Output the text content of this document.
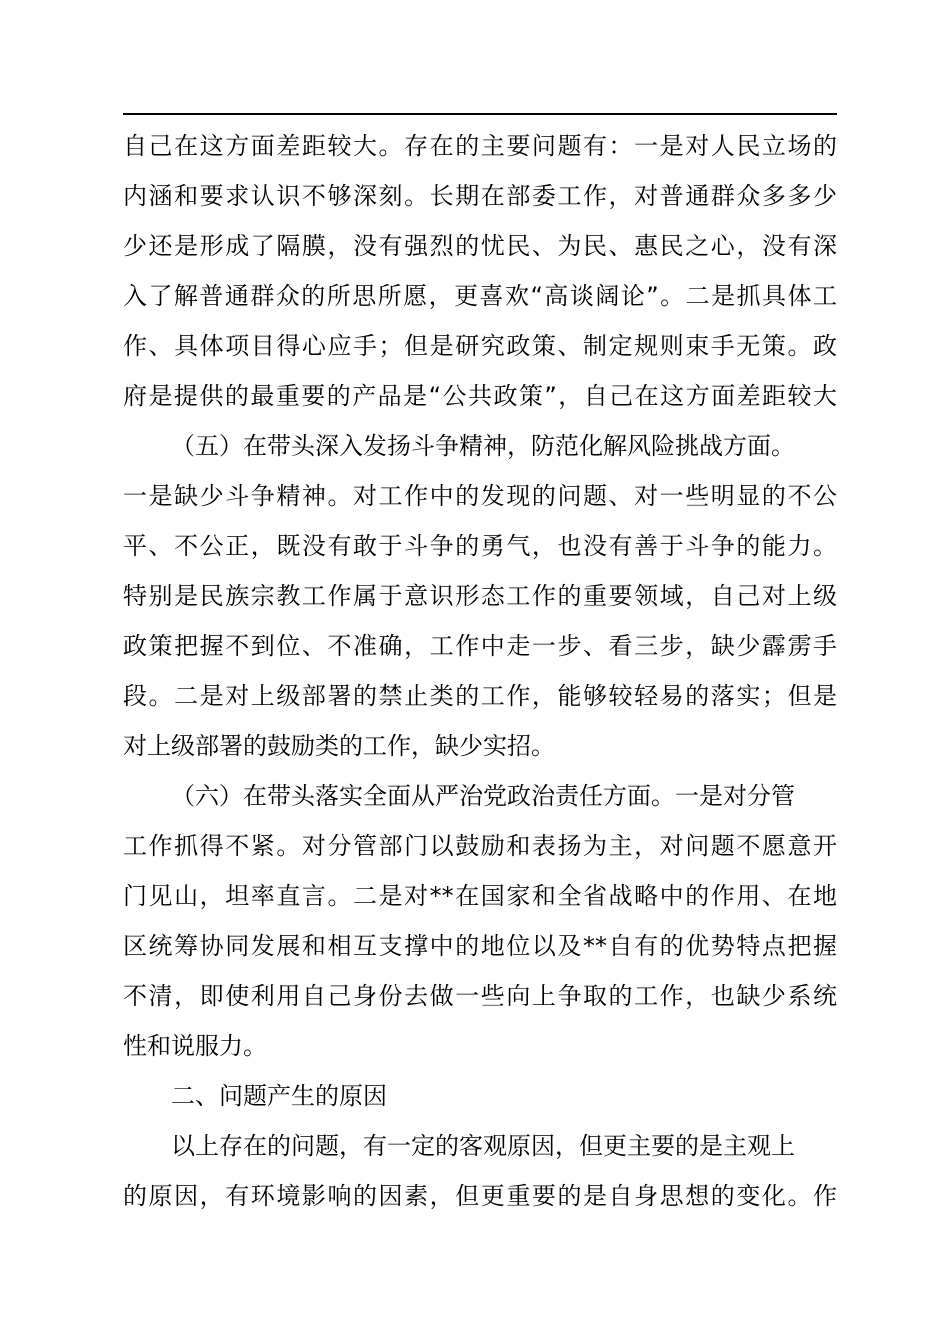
自己在这方面差距较大。存在的主要问题有：一是对人民立场的
内涵和要求认识不够深刻。长期在部委工作，对普通群众多多少
少还是形成了隔膜，没有强烈的忧民、为民、惠民之心，没有深
入了解普通群众的所思所愿，更喜欢“高谈阔论”。二是抓具体工
作、具体项目得心应手；但是研究政策、制定规则束手无策。政
府是提供的最重要的产品是“公共政策”，自己在这方面差距较大
（五）在带头深入发扬斗争精神，防范化解风险挑战方面。
一是缺少斗争精神。对工作中的发现的问题、对一些明显的不公
平、不公正，既没有敢于斗争的勇气，也没有善于斗争的能力。
特别是民族宗教工作属于意识形态工作的重要领域，自己对上级
政策把握不到位、不准确，工作中走一步、看三步，缺少霹雳手
段。二是对上级部署的禁止类的工作，能够较轻易的落实；但是
对上级部署的鼓励类的工作，缺少实招。
（六）在带头落实全面从严治党政治责任方面。一是对分管
工作抓得不紧。对分管部门以鼓励和表扬为主，对问题不愿意开
门见山，坦率直言。二是对**在国家和全省战略中的作用、在地
区统筹协同发展和相互支撑中的地位以及**自有的优势特点把握
不清，即使利用自己身份去做一些向上争取的工作，也缺少系统
性和说服力。
二、问题产生的原因
以上存在的问题，有一定的客观原因，但更主要的是主观上
的原因，有环境影响的因素，但更重要的是自身思想的变化。作
